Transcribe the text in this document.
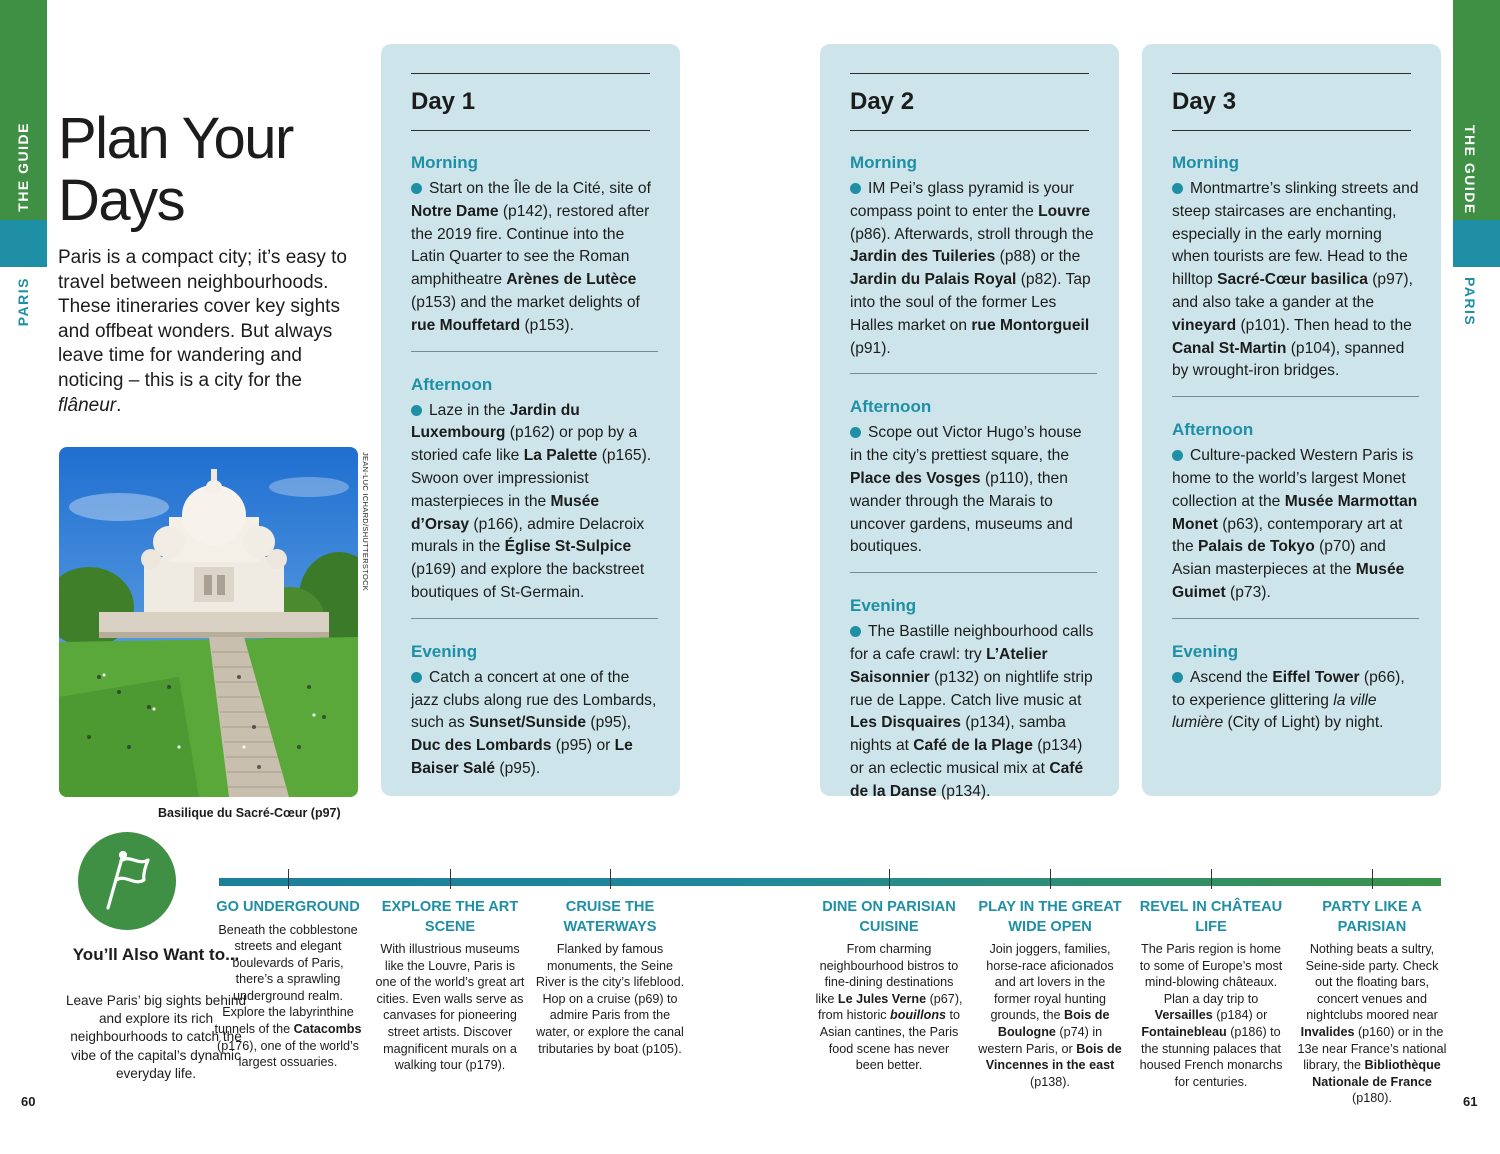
THE GUIDE
PARIS
THE GUIDE
PARIS
Plan Your Days
Paris is a compact city; it’s easy to travel between neighbourhoods. These itineraries cover key sights and offbeat wonders. But always leave time for wandering and noticing – this is a city for the flâneur.
JEAN-LUC ICHARD/SHUTTERSTOCK
Basilique du Sacré-Cœur (p97)
Day 1
Morning

Start on the Île de la Cité, site of Notre Dame (p142), restored after the 2019 fire. Continue into the Latin Quarter to see the Roman amphitheatre Arènes de Lutèce (p153) and the market delights of rue Mouffetard (p153).

Afternoon

Laze in the Jardin du Luxembourg (p162) or pop by a storied cafe like La Palette (p165). Swoon over impressionist masterpieces in the Musée d’Orsay (p166), admire Delacroix murals in the Église St-Sulpice (p169) and explore the backstreet boutiques of St-Germain.

Evening

Catch a concert at one of the jazz clubs along rue des Lombards, such as Sunset/Sunside (p95), Duc des Lombards (p95) or Le Baiser Salé (p95).

Day 2
Morning

IM Pei’s glass pyramid is your compass point to enter the Louvre (p86). Afterwards, stroll through the Jardin des Tuileries (p88) or the Jardin du Palais Royal (p82). Tap into the soul of the former Les Halles market on rue Montorgueil (p91).

Afternoon

Scope out Victor Hugo’s house in the city’s prettiest square, the Place des Vosges (p110), then wander through the Marais to uncover gardens, museums and boutiques.

Evening

The Bastille neighbourhood calls for a cafe crawl: try L’Atelier Saisonnier (p132) on nightlife strip rue de Lappe. Catch live music at Les Disquaires (p134), samba nights at Café de la Plage (p134) or an eclectic musical mix at Café de la Danse (p134).

Day 3
Morning

Montmartre’s slinking streets and steep staircases are enchanting, especially in the early morning when tourists are few. Head to the hilltop Sacré-Cœur basilica (p97), and also take a gander at the vineyard (p101). Then head to the Canal St-Martin (p104), spanned by wrought-iron bridges.

Afternoon

Culture-packed Western Paris is home to the world’s largest Monet collection at the Musée Marmottan Monet (p63), contemporary art at the Palais de Tokyo (p70) and Asian masterpieces at the Musée Guimet (p73).

Evening

Ascend the Eiffel Tower (p66), to experience glittering la ville lumière (City of Light) by night.

You’ll Also Want to...
Leave Paris’ big sights behind and explore its rich neighbourhoods to catch the vibe of the capital’s dynamic everyday life.
GO UNDERGROUND

Beneath the cobblestone streets and elegant boulevards of Paris, there’s a sprawling underground realm. Explore the labyrinthine tunnels of the Catacombs (p176), one of the world’s largest ossuaries.

EXPLORE THE ART SCENE

With illustrious museums like the Louvre, Paris is one of the world’s great art cities. Even walls serve as canvases for pioneering street artists. Discover magnificent murals on a walking tour (p179).

CRUISE THE WATERWAYS

Flanked by famous monuments, the Seine River is the city’s lifeblood. Hop on a cruise (p69) to admire Paris from the water, or explore the canal tributaries by boat (p105).

DINE ON PARISIAN CUISINE

From charming neighbourhood bistros to fine-dining destinations like Le Jules Verne (p67), from historic bouillons to Asian cantines, the Paris food scene has never been better.

PLAY IN THE GREAT WIDE OPEN

Join joggers, families, horse-race aficionados and art lovers in the former royal hunting grounds, the Bois de Boulogne (p74) in western Paris, or Bois de Vincennes in the east (p138).

REVEL IN CHÂTEAU LIFE

The Paris region is home to some of Europe’s most mind-blowing châteaux. Plan a day trip to Versailles (p184) or Fontainebleau (p186) to the stunning palaces that housed French monarchs for centuries.

PARTY LIKE A PARISIAN

Nothing beats a sultry, Seine-side party. Check out the floating bars, concert venues and nightclubs moored near Invalides (p160) or in the 13e near France’s national library, the Bibliothèque Nationale de France (p180).

60	61
